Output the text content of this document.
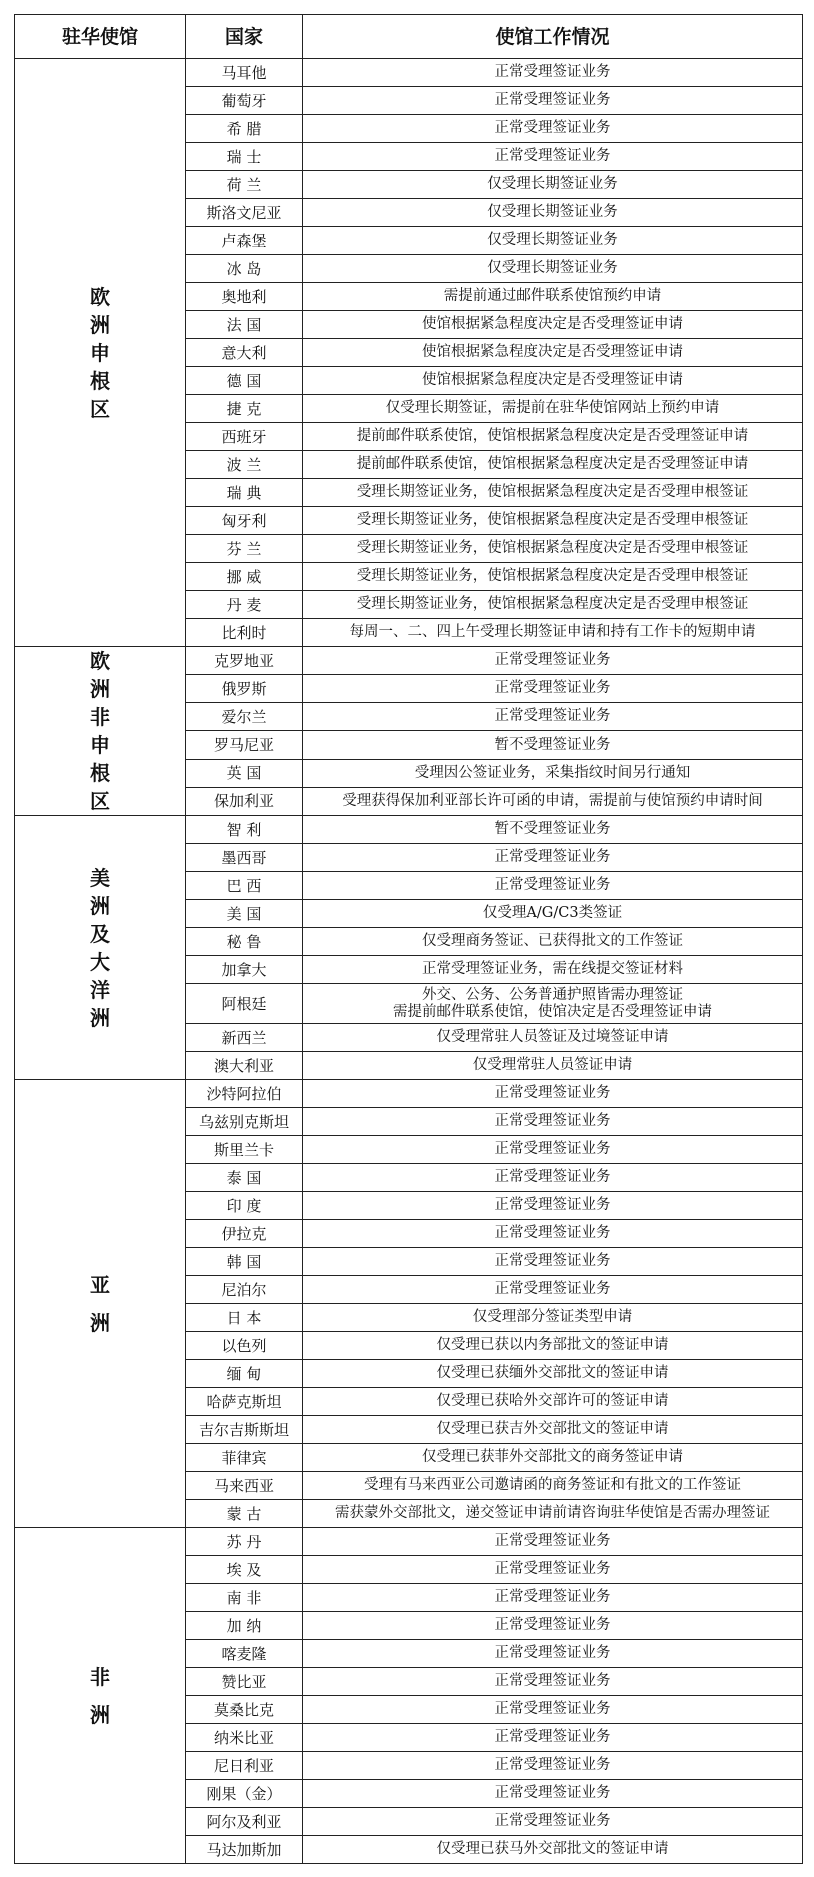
驻华使馆	国家	使馆工作情况

欧洲申根区	马耳他	正常受理签证业务

	葡萄牙	正常受理签证业务

	希 腊	正常受理签证业务

	瑞 士	正常受理签证业务

	荷 兰	仅受理长期签证业务

	斯洛文尼亚	仅受理长期签证业务

	卢森堡	仅受理长期签证业务

	冰 岛	仅受理长期签证业务

	奥地利	需提前通过邮件联系使馆预约申请

	法 国	使馆根据紧急程度决定是否受理签证申请

	意大利	使馆根据紧急程度决定是否受理签证申请

	德 国	使馆根据紧急程度决定是否受理签证申请

	捷 克	仅受理长期签证，需提前在驻华使馆网站上预约申请

	西班牙	提前邮件联系使馆，使馆根据紧急程度决定是否受理签证申请

	波 兰	提前邮件联系使馆，使馆根据紧急程度决定是否受理签证申请

	瑞 典	受理长期签证业务，使馆根据紧急程度决定是否受理申根签证

	匈牙利	受理长期签证业务，使馆根据紧急程度决定是否受理申根签证

	芬 兰	受理长期签证业务，使馆根据紧急程度决定是否受理申根签证

	挪 威	受理长期签证业务，使馆根据紧急程度决定是否受理申根签证

	丹 麦	受理长期签证业务，使馆根据紧急程度决定是否受理申根签证

	比利时	每周一、二、四上午受理长期签证申请和持有工作卡的短期申请

欧洲非申根区	克罗地亚	正常受理签证业务

	俄罗斯	正常受理签证业务

	爱尔兰	正常受理签证业务

	罗马尼亚	暂不受理签证业务

	英 国	受理因公签证业务，采集指纹时间另行通知

	保加利亚	受理获得保加利亚部长许可函的申请，需提前与使馆预约申请时间

美洲及大洋洲	智 利	暂不受理签证业务

	墨西哥	正常受理签证业务

	巴 西	正常受理签证业务

	美 国	仅受理A/G/C3类签证

	秘 鲁	仅受理商务签证、已获得批文的工作签证

	加拿大	正常受理签证业务，需在线提交签证材料

	阿根廷	外交、公务、公务普通护照皆需办理签证
需提前邮件联系使馆，使馆决定是否受理签证申请

	新西兰	仅受理常驻人员签证及过境签证申请

	澳大利亚	仅受理常驻人员签证申请

亚洲	沙特阿拉伯	正常受理签证业务

	乌兹别克斯坦	正常受理签证业务

	斯里兰卡	正常受理签证业务

	泰 国	正常受理签证业务

	印 度	正常受理签证业务

	伊拉克	正常受理签证业务

	韩 国	正常受理签证业务

	尼泊尔	正常受理签证业务

	日 本	仅受理部分签证类型申请

	以色列	仅受理已获以内务部批文的签证申请

	缅 甸	仅受理已获缅外交部批文的签证申请

	哈萨克斯坦	仅受理已获哈外交部许可的签证申请

	吉尔吉斯斯坦	仅受理已获吉外交部批文的签证申请

	菲律宾	仅受理已获菲外交部批文的商务签证申请

	马来西亚	受理有马来西亚公司邀请函的商务签证和有批文的工作签证

	蒙 古	需获蒙外交部批文，递交签证申请前请咨询驻华使馆是否需办理签证

非洲	苏 丹	正常受理签证业务

	埃 及	正常受理签证业务

	南 非	正常受理签证业务

	加 纳	正常受理签证业务

	喀麦隆	正常受理签证业务

	赞比亚	正常受理签证业务

	莫桑比克	正常受理签证业务

	纳米比亚	正常受理签证业务

	尼日利亚	正常受理签证业务

	刚果（金）	正常受理签证业务

	阿尔及利亚	正常受理签证业务

	马达加斯加	仅受理已获马外交部批文的签证申请
